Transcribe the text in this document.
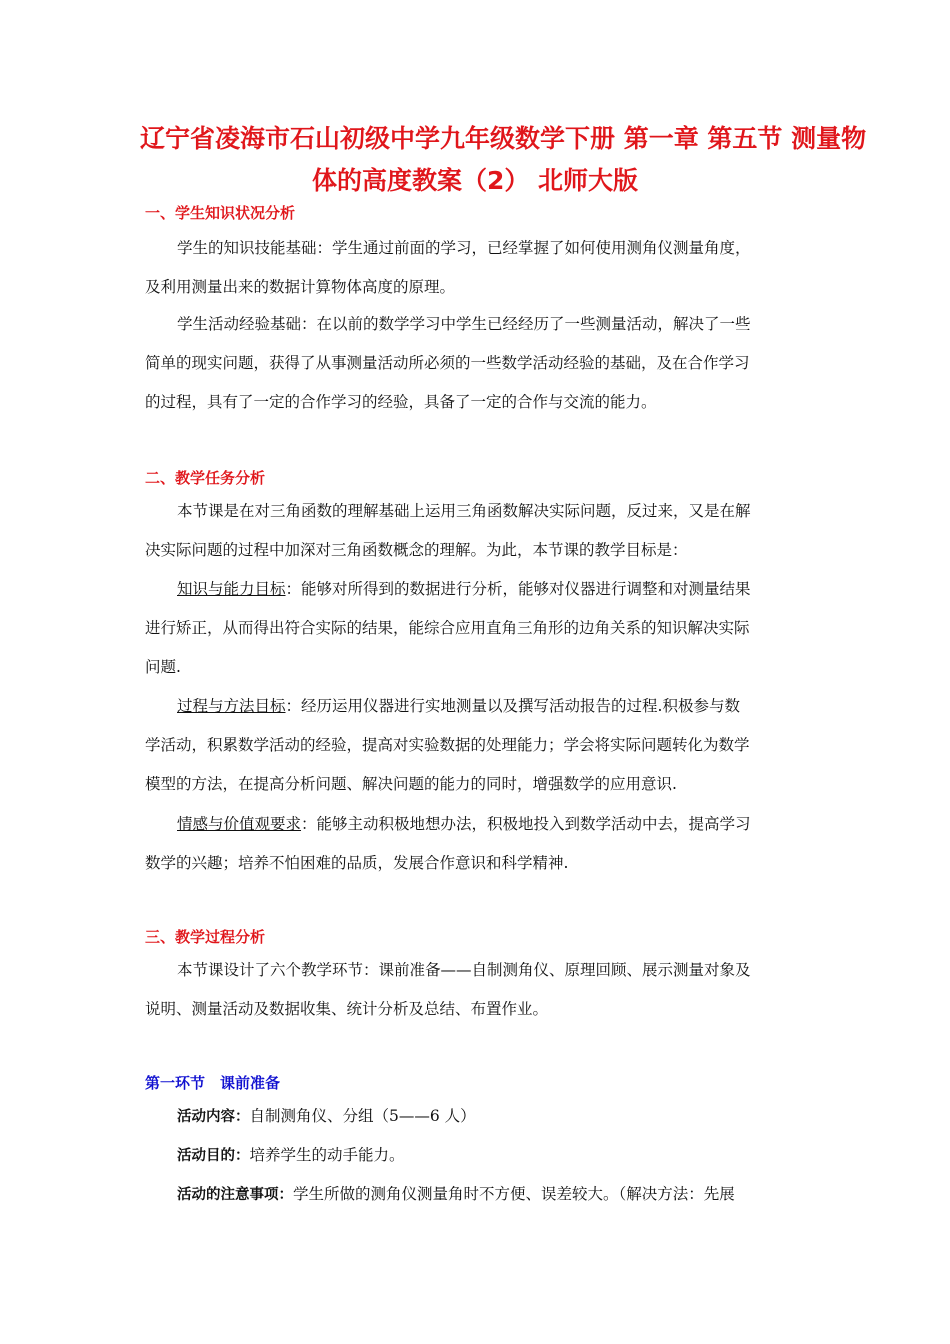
辽宁省凌海市石山初级中学九年级数学下册 第一章 第五节 测量物
体的高度教案（2） 北师大版
一、学生知识状况分析
学生的知识技能基础：学生通过前面的学习，已经掌握了如何使用测角仪测量角度，
及利用测量出来的数据计算物体高度的原理。
学生活动经验基础：在以前的数学学习中学生已经经历了一些测量活动，解决了一些
简单的现实问题，获得了从事测量活动所必须的一些数学活动经验的基础，及在合作学习
的过程，具有了一定的合作学习的经验，具备了一定的合作与交流的能力。
二、教学任务分析
本节课是在对三角函数的理解基础上运用三角函数解决实际问题，反过来，又是在解
决实际问题的过程中加深对三角函数概念的理解。为此，本节课的教学目标是：
知识与能力目标：能够对所得到的数据进行分析，能够对仪器进行调整和对测量结果
进行矫正，从而得出符合实际的结果，能综合应用直角三角形的边角关系的知识解决实际
问题.
过程与方法目标：经历运用仪器进行实地测量以及撰写活动报告的过程.积极参与数
学活动，积累数学活动的经验，提高对实验数据的处理能力；学会将实际问题转化为数学
模型的方法，在提高分析问题、解决问题的能力的同时，增强数学的应用意识.
情感与价值观要求：能够主动积极地想办法，积极地投入到数学活动中去，提高学习
数学的兴趣；培养不怕困难的品质，发展合作意识和科学精神.
三、教学过程分析
本节课设计了六个教学环节：课前准备——自制测角仪、原理回顾、展示测量对象及
说明、测量活动及数据收集、统计分析及总结、布置作业。
第一环节　课前准备
活动内容：自制测角仪、分组（5——6 人）
活动目的：培养学生的动手能力。
活动的注意事项：学生所做的测角仪测量角时不方便、误差较大。（解决方法：先展
